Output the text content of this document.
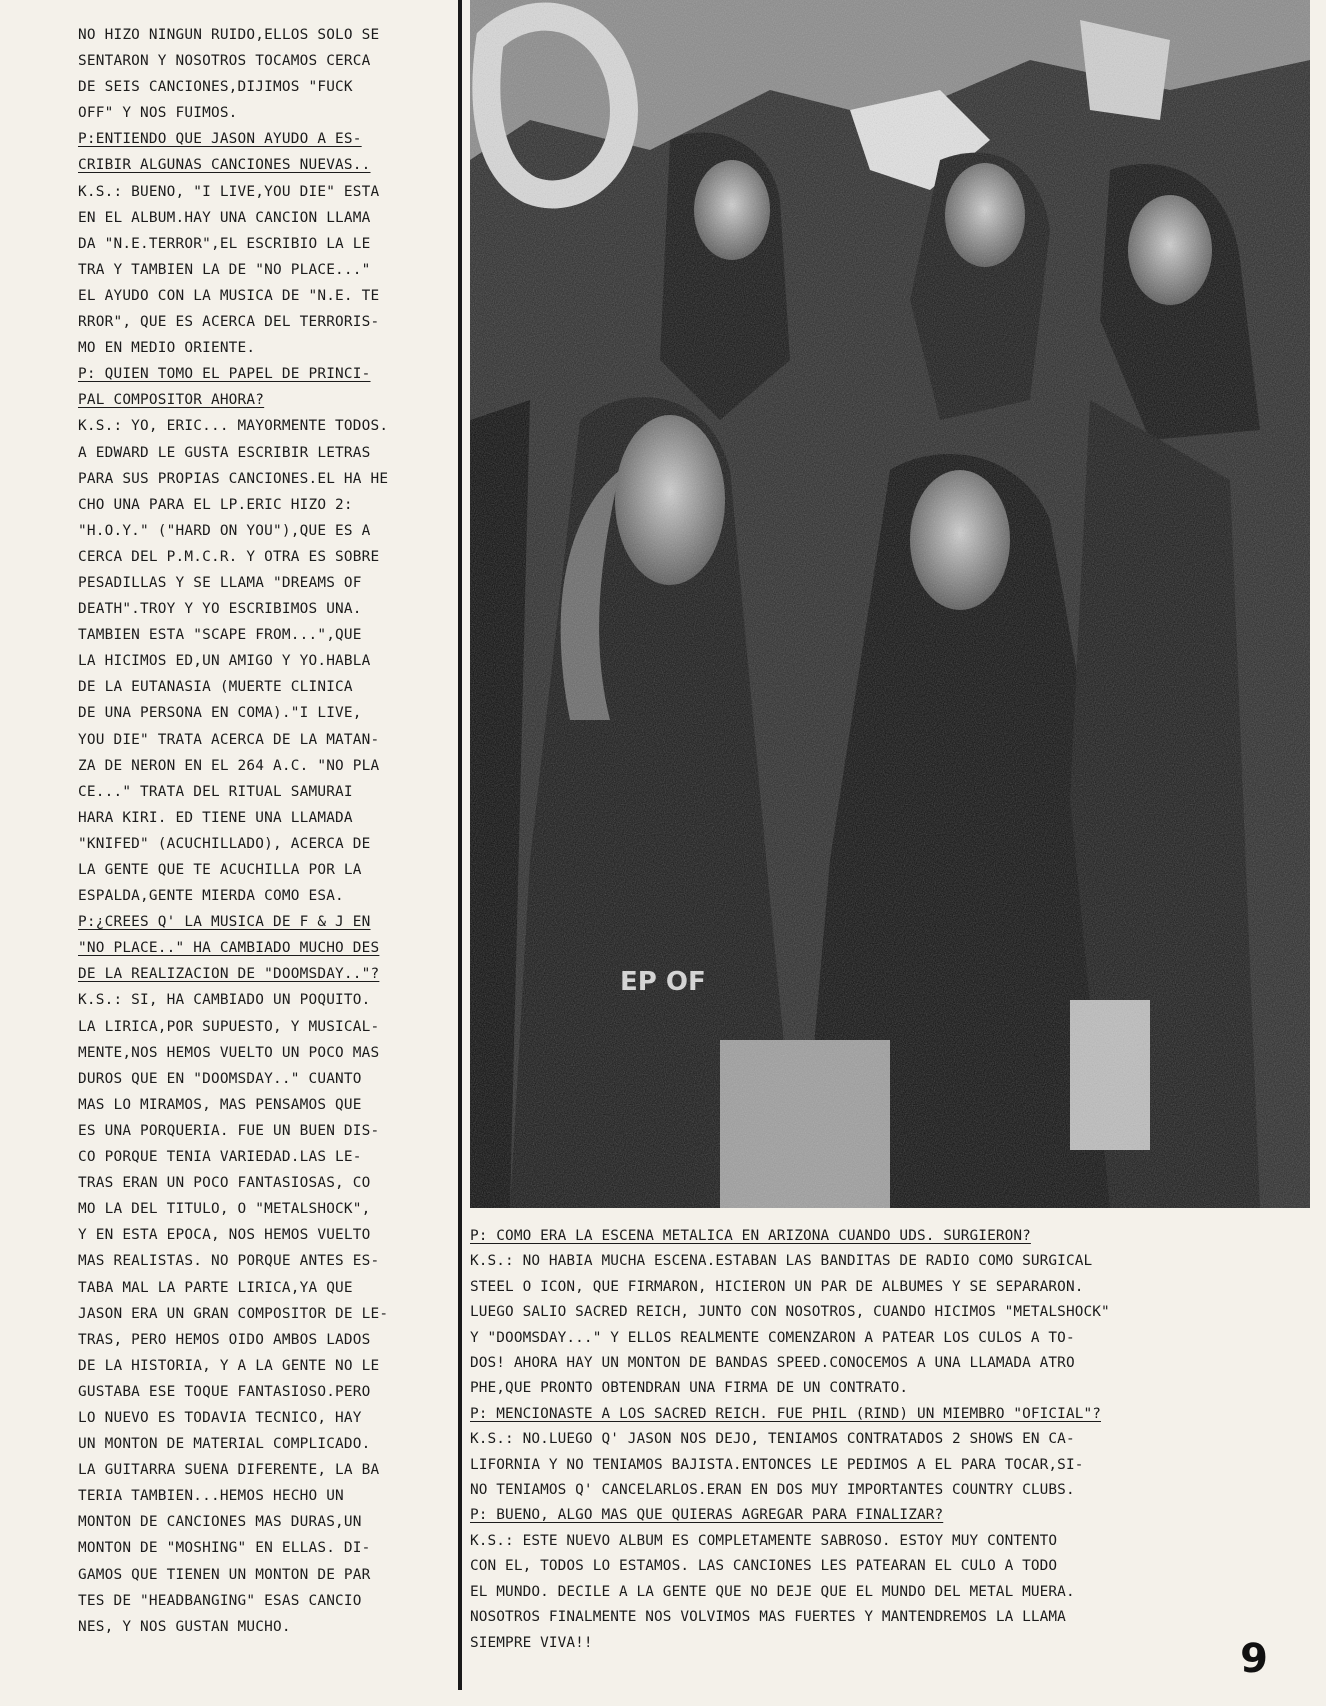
NO HIZO NINGUN RUIDO,ELLOS SOLO SE
SENTARON Y NOSOTROS TOCAMOS CERCA
DE SEIS CANCIONES,DIJIMOS "FUCK
OFF" Y NOS FUIMOS.
P:ENTIENDO QUE JASON AYUDO A ES-
CRIBIR ALGUNAS CANCIONES NUEVAS..
K.S.: BUENO, "I LIVE,YOU DIE" ESTA
EN EL ALBUM.HAY UNA CANCION LLAMA
DA "N.E.TERROR",EL ESCRIBIO LA LE
TRA Y TAMBIEN LA DE "NO PLACE..."
EL AYUDO CON LA MUSICA DE "N.E. TE
RROR", QUE ES ACERCA DEL TERRORIS-
MO EN MEDIO ORIENTE.
P: QUIEN TOMO EL PAPEL DE PRINCI-
PAL COMPOSITOR AHORA?
K.S.: YO, ERIC... MAYORMENTE TODOS.
A EDWARD LE GUSTA ESCRIBIR LETRAS
PARA SUS PROPIAS CANCIONES.EL HA HE
CHO UNA PARA EL LP.ERIC HIZO 2:
"H.O.Y." ("HARD ON YOU"),QUE ES A
CERCA DEL P.M.C.R. Y OTRA ES SOBRE
PESADILLAS Y SE LLAMA "DREAMS OF
DEATH".TROY Y YO ESCRIBIMOS UNA.
TAMBIEN ESTA "SCAPE FROM...",QUE
LA HICIMOS ED,UN AMIGO Y YO.HABLA
DE LA EUTANASIA (MUERTE CLINICA
DE UNA PERSONA EN COMA)."I LIVE,
YOU DIE" TRATA ACERCA DE LA MATAN-
ZA DE NERON EN EL 264 A.C. "NO PLA
CE..." TRATA DEL RITUAL SAMURAI
HARA KIRI. ED TIENE UNA LLAMADA
"KNIFED" (ACUCHILLADO), ACERCA DE
LA GENTE QUE TE ACUCHILLA POR LA
ESPALDA,GENTE MIERDA COMO ESA.
P:¿CREES Q' LA MUSICA DE F & J EN
"NO PLACE.." HA CAMBIADO MUCHO DES
DE LA REALIZACION DE "DOOMSDAY.."?
K.S.: SI, HA CAMBIADO UN POQUITO.
LA LIRICA,POR SUPUESTO, Y MUSICAL-
MENTE,NOS HEMOS VUELTO UN POCO MAS
DUROS QUE EN "DOOMSDAY.." CUANTO
MAS LO MIRAMOS, MAS PENSAMOS QUE
ES UNA PORQUERIA. FUE UN BUEN DIS-
CO PORQUE TENIA VARIEDAD.LAS LE-
TRAS ERAN UN POCO FANTASIOSAS, CO
MO LA DEL TITULO, O "METALSHOCK",
Y EN ESTA EPOCA, NOS HEMOS VUELTO
MAS REALISTAS. NO PORQUE ANTES ES-
TABA MAL LA PARTE LIRICA,YA QUE
JASON ERA UN GRAN COMPOSITOR DE LE-
TRAS, PERO HEMOS OIDO AMBOS LADOS
DE LA HISTORIA, Y A LA GENTE NO LE
GUSTABA ESE TOQUE FANTASIOSO.PERO
LO NUEVO ES TODAVIA TECNICO, HAY
UN MONTON DE MATERIAL COMPLICADO.
LA GUITARRA SUENA DIFERENTE, LA BA
TERIA TAMBIEN...HEMOS HECHO UN
MONTON DE CANCIONES MAS DURAS,UN
MONTON DE "MOSHING" EN ELLAS. DI-
GAMOS QUE TIENEN UN MONTON DE PAR
TES DE "HEADBANGING" ESAS CANCIO
NES, Y NOS GUSTAN MUCHO.
P: COMO ERA LA ESCENA METALICA EN ARIZONA CUANDO UDS. SURGIERON?
K.S.: NO HABIA MUCHA ESCENA.ESTABAN LAS BANDITAS DE RADIO COMO SURGICAL
STEEL O ICON, QUE FIRMARON, HICIERON UN PAR DE ALBUMES Y SE SEPARARON.
LUEGO SALIO SACRED REICH, JUNTO CON NOSOTROS, CUANDO HICIMOS "METALSHOCK"
Y "DOOMSDAY..." Y ELLOS REALMENTE COMENZARON A PATEAR LOS CULOS A TO-
DOS! AHORA HAY UN MONTON DE BANDAS SPEED.CONOCEMOS A UNA LLAMADA ATRO
PHE,QUE PRONTO OBTENDRAN UNA FIRMA DE UN CONTRATO.
P: MENCIONASTE A LOS SACRED REICH. FUE PHIL (RIND) UN MIEMBRO "OFICIAL"?
K.S.: NO.LUEGO Q' JASON NOS DEJO, TENIAMOS CONTRATADOS 2 SHOWS EN CA-
LIFORNIA Y NO TENIAMOS BAJISTA.ENTONCES LE PEDIMOS A EL PARA TOCAR,SI-
NO TENIAMOS Q' CANCELARLOS.ERAN EN DOS MUY IMPORTANTES COUNTRY CLUBS.
P: BUENO, ALGO MAS QUE QUIERAS AGREGAR PARA FINALIZAR?
K.S.: ESTE NUEVO ALBUM ES COMPLETAMENTE SABROSO. ESTOY MUY CONTENTO
CON EL, TODOS LO ESTAMOS. LAS CANCIONES LES PATEARAN EL CULO A TODO
EL MUNDO. DECILE A LA GENTE QUE NO DEJE QUE EL MUNDO DEL METAL MUERA.
NOSOTROS FINALMENTE NOS VOLVIMOS MAS FUERTES Y MANTENDREMOS LA LLAMA
SIEMPRE VIVA!!	9
